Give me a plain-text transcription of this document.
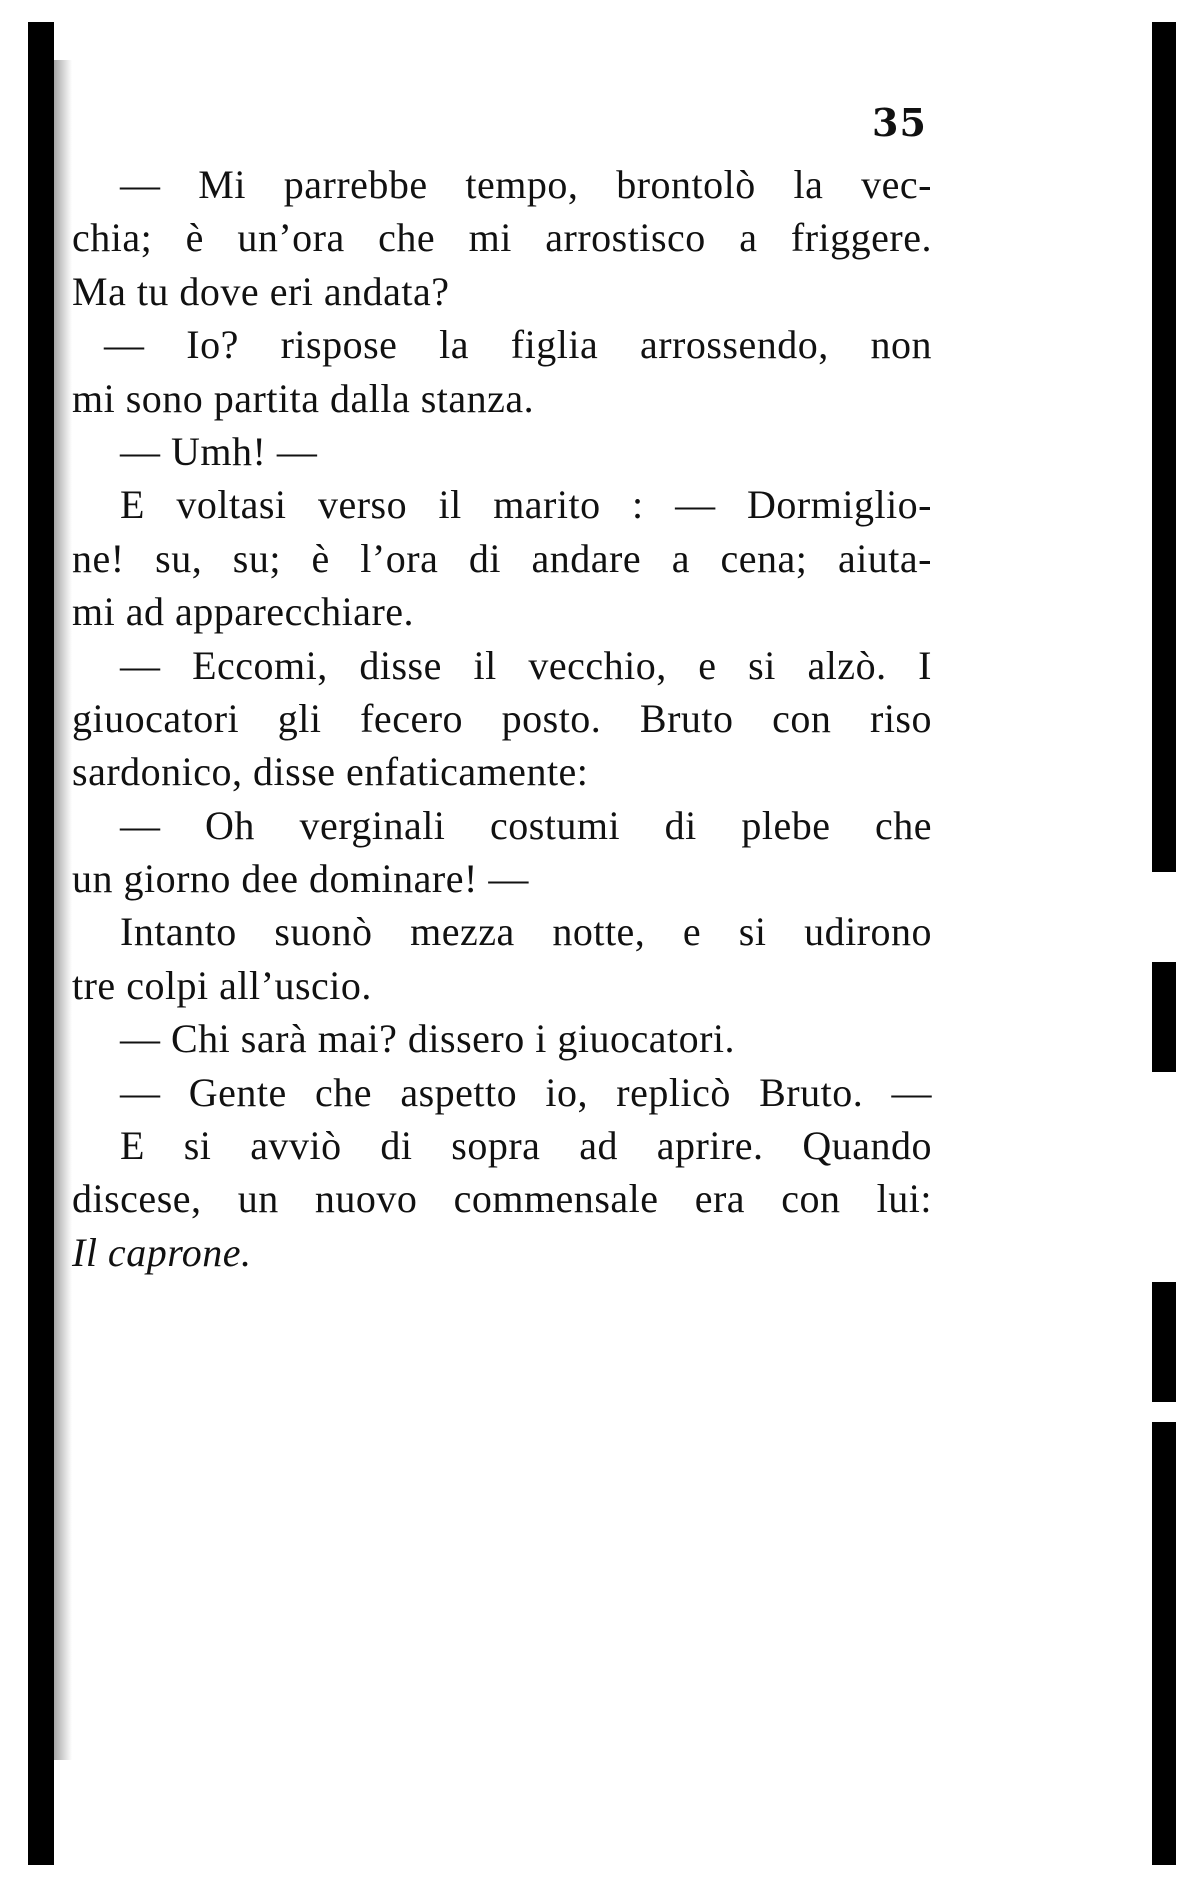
35
— Mi parrebbe tempo, brontolò la vec-
chia; è un’ora che mi arrostisco a friggere.
Ma tu dove eri andata?
— Io? rispose la figlia arrossendo, non
mi sono partita dalla stanza.
— Umh! —
E voltasi verso il marito : — Dormiglio-
ne! su, su; è l’ora di andare a cena; aiuta-
mi ad apparecchiare.
— Eccomi, disse il vecchio, e si alzò. I
giuocatori gli fecero posto. Bruto con riso
sardonico, disse enfaticamente:
— Oh verginali costumi di plebe che
un giorno dee dominare! —
Intanto suonò mezza notte, e si udirono
tre colpi all’uscio.
— Chi sarà mai? dissero i giuocatori.
— Gente che aspetto io, replicò Bruto. —
E si avviò di sopra ad aprire. Quando
discese, un nuovo commensale era con lui:
Il caprone.
